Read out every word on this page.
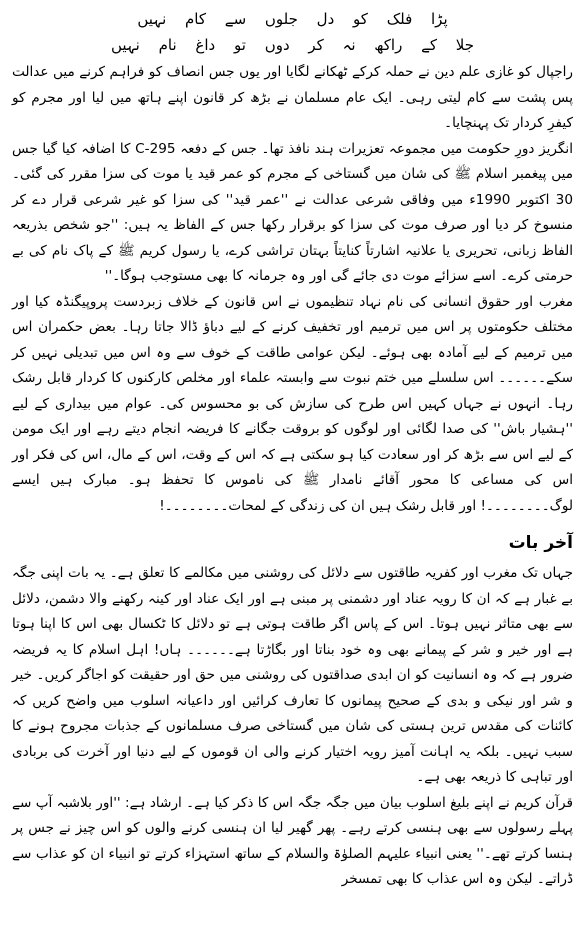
پڑا فلک کو دل جلوں سے کام نہیں
جلا کے راکھ نہ کر دوں تو داغ نام نہیں

راجپال کو غازی علم دین نے حملہ کرکے ٹھکانے لگایا اور یوں جس انصاف کو فراہم کرنے میں عدالت پس پشت سے کام لیتی رہی۔ ایک عام مسلمان نے بڑھ کر قانون اپنے ہاتھ میں لیا اور مجرم کو کیفرِ کردار تک پہنچایا۔

انگریز دورِ حکومت میں مجموعہ تعزیرات ہند نافذ تھا۔ جس کے دفعہ 295-C کا اضافہ کیا گیا جس میں پیغمبر اسلام ﷺ کی شان میں گستاخی کے مجرم کو عمر قید یا موت کی سزا مقرر کی گئی۔ 30 اکتوبر 1990ء میں وفاقی شرعی عدالت نے ''عمر قید'' کی سزا کو غیر شرعی قرار دے کر منسوخ کر دیا اور صرف موت کی سزا کو برقرار رکھا جس کے الفاظ یہ ہیں: ''جو شخص بذریعہ الفاظ زبانی، تحریری یا علانیہ اشارتاً کنایتاً بہتان تراشی کرے، یا رسول کریم ﷺ کے پاک نام کی بے حرمتی کرے۔ اسے سزائے موت دی جائے گی اور وہ جرمانہ کا بھی مستوجب ہوگا۔''

مغرب اور حقوق انسانی کی نام نہاد تنظیموں نے اس قانون کے خلاف زبردست پروپیگنڈہ کیا اور مختلف حکومتوں پر اس میں ترمیم اور تخفیف کرنے کے لیے دباؤ ڈالا جاتا رہا۔ بعض حکمران اس میں ترمیم کے لیے آمادہ بھی ہوئے۔ لیکن عوامی طاقت کے خوف سے وہ اس میں تبدیلی نہیں کر سکے۔۔۔۔۔۔ اس سلسلے میں ختم نبوت سے وابستہ علماء اور مخلص کارکنوں کا کردار قابل رشک رہا۔ انہوں نے جہاں کہیں اس طرح کی سازش کی بو محسوس کی۔ عوام میں بیداری کے لیے ''ہشیار باش'' کی صدا لگائی اور لوگوں کو بروقت جگانے کا فریضہ انجام دیتے رہے اور ایک مومن کے لیے اس سے بڑھ کر اور سعادت کیا ہو سکتی ہے کہ اس کے وقت، اس کے مال، اس کی فکر اور اس کی مساعی کا محور آقائے نامدار ﷺ کی ناموس کا تحفظ ہو۔ مبارک ہیں ایسے لوگ۔۔۔۔۔۔۔۔! اور قابل رشک ہیں ان کی زندگی کے لمحات۔۔۔۔۔۔۔۔!

آخر بات

جہاں تک مغرب اور کفریہ طاقتوں سے دلائل کی روشنی میں مکالمے کا تعلق ہے۔ یہ بات اپنی جگہ بے غبار ہے کہ ان کا رویہ عناد اور دشمنی پر مبنی ہے اور ایک عناد اور کینہ رکھنے والا دشمن، دلائل سے بھی متاثر نہیں ہوتا۔ اس کے پاس اگر طاقت ہوتی ہے تو دلائل کا ٹکسال بھی اس کا اپنا ہوتا ہے اور خیر و شر کے پیمانے بھی وہ خود بناتا اور بگاڑتا ہے۔۔۔۔۔۔ ہاں! اہل اسلام کا یہ فریضہ ضرور ہے کہ وہ انسانیت کو ان ابدی صداقتوں کی روشنی میں حق اور حقیقت کو اجاگر کریں۔ خیر و شر اور نیکی و بدی کے صحیح پیمانوں کا تعارف کرائیں اور داعیانہ اسلوب میں واضح کریں کہ کائنات کی مقدس ترین ہستی کی شان میں گستاخی صرف مسلمانوں کے جذبات مجروح ہونے کا سبب نہیں۔ بلکہ یہ اہانت آمیز رویہ اختیار کرنے والی ان قوموں کے لیے دنیا اور آخرت کی بربادی اور تباہی کا ذریعہ بھی ہے۔

قرآن کریم نے اپنے بلیغ اسلوب بیان میں جگہ جگہ اس کا ذکر کیا ہے۔ ارشاد ہے: ''اور بلاشبہ آپ سے پہلے رسولوں سے بھی ہنسی کرتے رہے۔ پھر گھیر لیا ان ہنسی کرنے والوں کو اس چیز نے جس پر ہنسا کرتے تھے۔'' یعنی انبیاء علیہم الصلوٰۃ والسلام کے ساتھ استہزاء کرتے تو انبیاء ان کو عذاب سے ڈراتے۔ لیکن وہ اس عذاب کا بھی تمسخر
